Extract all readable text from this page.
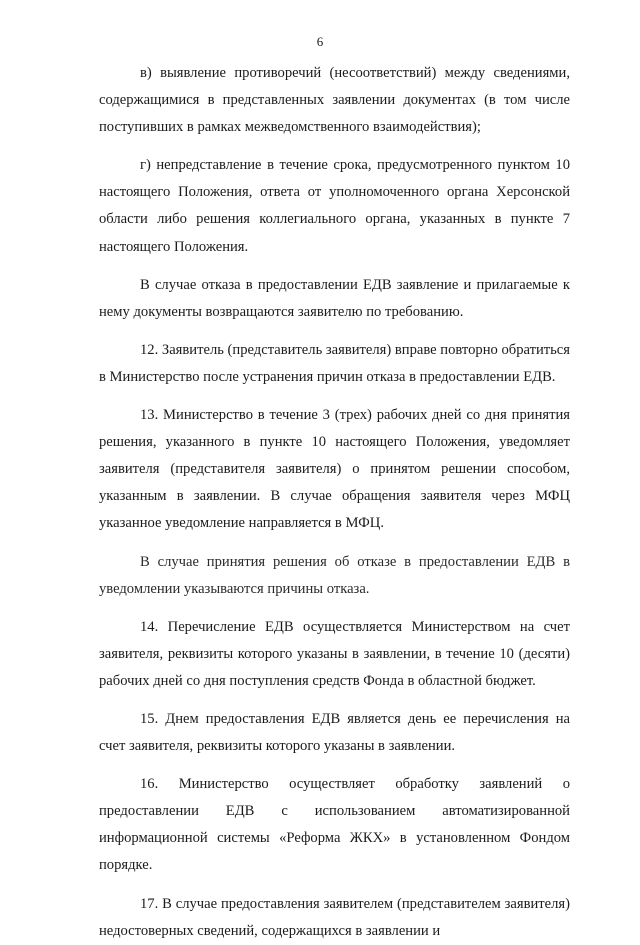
6

в) выявление противоречий (несоответствий) между сведениями, содержащимися в представленных заявлении документах (в том числе поступивших в рамках межведомственного взаимодействия);

г) непредставление в течение срока, предусмотренного пунктом 10 настоящего Положения, ответа от уполномоченного органа Херсонской области либо решения коллегиального органа, указанных в пункте 7 настоящего Положения.

В случае отказа в предоставлении ЕДВ заявление и прилагаемые к нему документы возвращаются заявителю по требованию.

12. Заявитель (представитель заявителя) вправе повторно обратиться в Министерство после устранения причин отказа в предоставлении ЕДВ.

13. Министерство в течение 3 (трех) рабочих дней со дня принятия решения, указанного в пункте 10 настоящего Положения, уведомляет заявителя (представителя заявителя) о принятом решении способом, указанным в заявлении. В случае обращения заявителя через МФЦ указанное уведомление направляется в МФЦ.

В случае принятия решения об отказе в предоставлении ЕДВ в уведомлении указываются причины отказа.

14. Перечисление ЕДВ осуществляется Министерством на счет заявителя, реквизиты которого указаны в заявлении, в течение 10 (десяти) рабочих дней со дня поступления средств Фонда в областной бюджет.

15. Днем предоставления ЕДВ является день ее перечисления на счет заявителя, реквизиты которого указаны в заявлении.

16. Министерство осуществляет обработку заявлений о предоставлении ЕДВ с использованием автоматизированной информационной системы «Реформа ЖКХ» в установленном Фондом порядке.

17. В случае предоставления заявителем (представителем заявителя) недостоверных сведений, содержащихся в заявлении и
